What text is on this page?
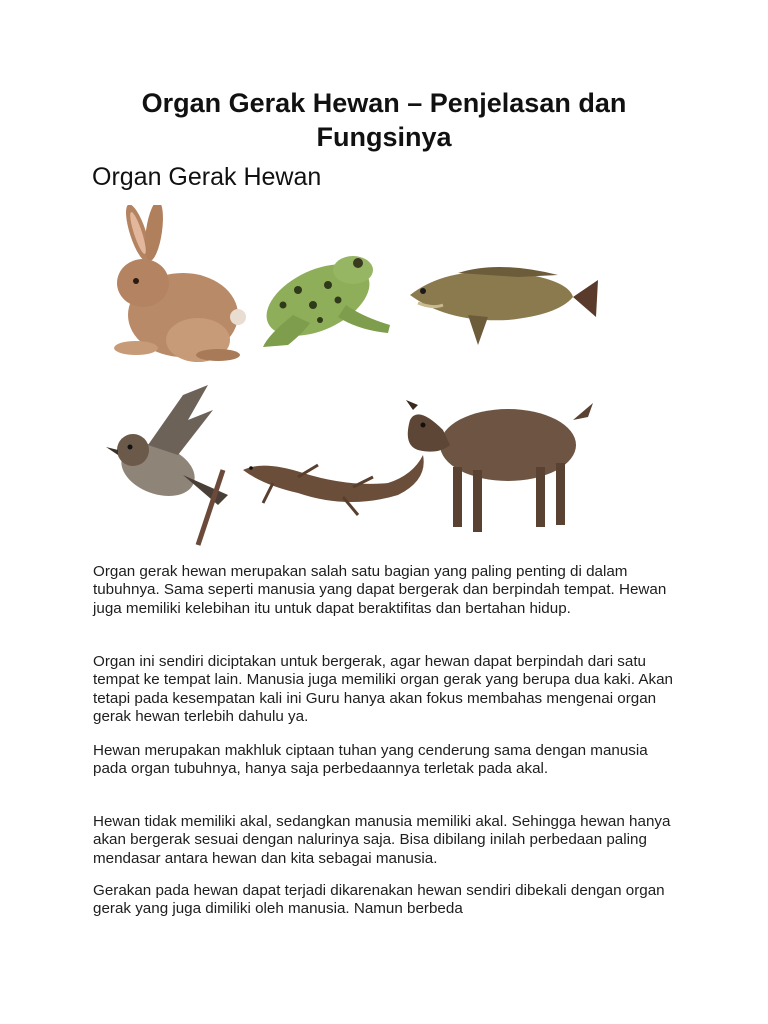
Organ Gerak Hewan – Penjelasan dan Fungsinya
Organ Gerak Hewan

Organ gerak hewan merupakan salah satu bagian yang paling penting di dalam tubuhnya. Sama seperti manusia yang dapat bergerak dan berpindah tempat. Hewan juga memiliki kelebihan itu untuk dapat beraktifitas dan bertahan hidup.

Organ ini sendiri diciptakan untuk bergerak, agar hewan dapat berpindah dari satu tempat ke tempat lain. Manusia juga memiliki organ gerak yang berupa dua kaki. Akan tetapi pada kesempatan kali ini Guru hanya akan fokus membahas mengenai organ gerak hewan terlebih dahulu ya.

Hewan merupakan makhluk ciptaan tuhan yang cenderung sama dengan manusia pada organ tubuhnya, hanya saja perbedaannya terletak pada akal.

Hewan tidak memiliki akal, sedangkan manusia memiliki akal. Sehingga hewan hanya akan bergerak sesuai dengan nalurinya saja. Bisa dibilang inilah perbedaan paling mendasar antara hewan dan kita sebagai manusia.

Gerakan pada hewan dapat terjadi dikarenakan hewan sendiri dibekali dengan organ gerak yang juga dimiliki oleh manusia. Namun berbeda
